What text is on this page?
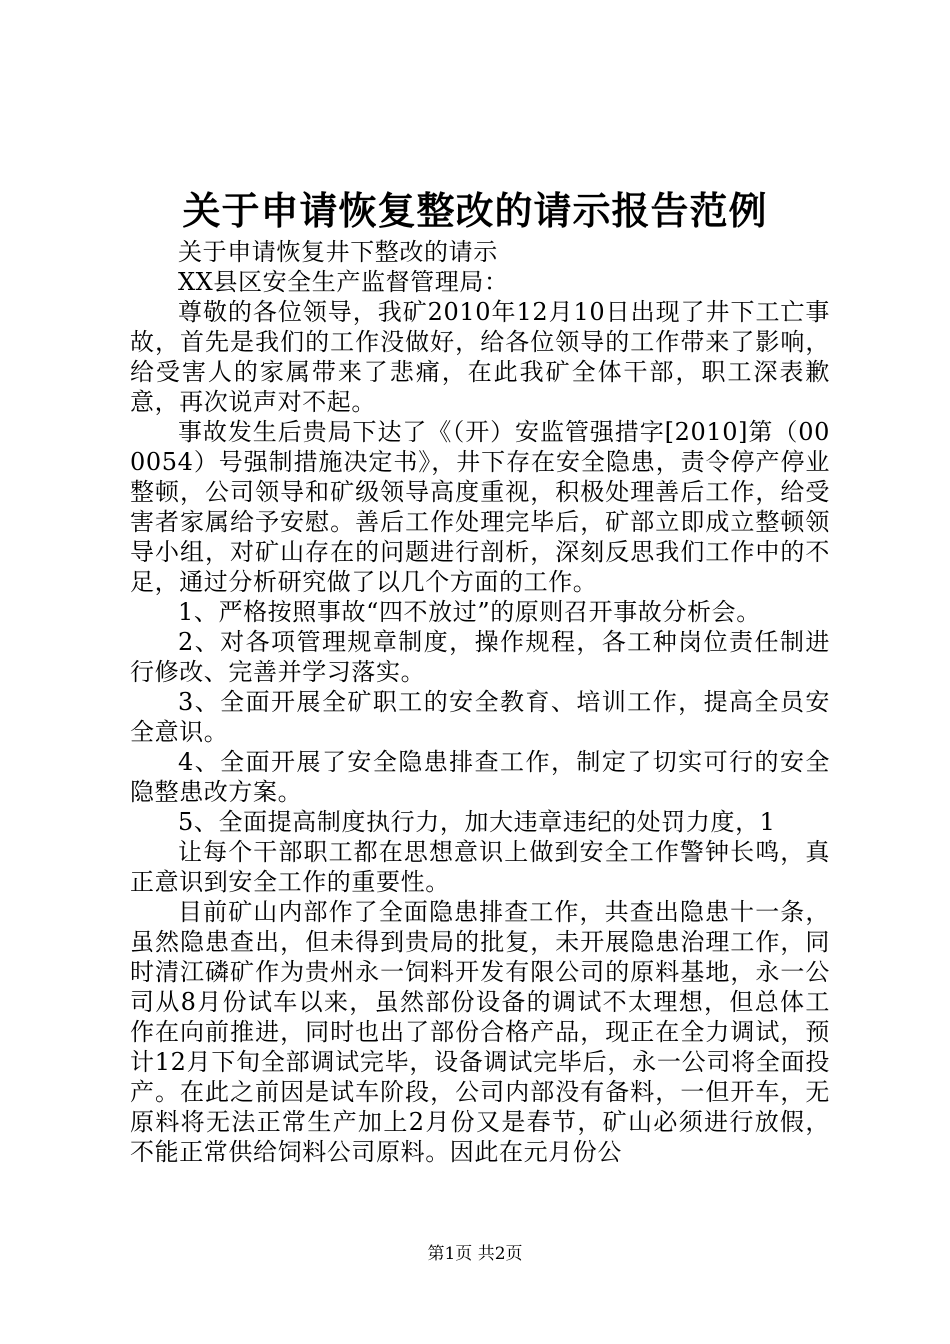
关于申请恢复整改的请示报告范例

关于申请恢复井下整改的请示

XX县区安全生产监督管理局：

尊敬的各位领导，我矿2010年12月10日出现了井下工亡事故，首先是我们的工作没做好，给各位领导的工作带来了影响，给受害人的家属带来了悲痛，在此我矿全体干部，职工深表歉意，再次说声对不起。

事故发生后贵局下达了《（开）安监管强措字[2010]第（000054）号强制措施决定书》，井下存在安全隐患，责令停产停业整顿，公司领导和矿级领导高度重视，积极处理善后工作，给受害者家属给予安慰。善后工作处理完毕后，矿部立即成立整顿领导小组，对矿山存在的问题进行剖析，深刻反思我们工作中的不足，通过分析研究做了以几个方面的工作。

1、严格按照事故“四不放过”的原则召开事故分析会。

2、对各项管理规章制度，操作规程，各工种岗位责任制进行修改、完善并学习落实。

3、全面开展全矿职工的安全教育、培训工作，提高全员安全意识。

4、全面开展了安全隐患排查工作，制定了切实可行的安全隐整患改方案。

5、全面提高制度执行力，加大违章违纪的处罚力度，1

让每个干部职工都在思想意识上做到安全工作警钟长鸣，真正意识到安全工作的重要性。

目前矿山内部作了全面隐患排查工作，共查出隐患十一条，虽然隐患查出，但未得到贵局的批复，未开展隐患治理工作，同时清江磷矿作为贵州永一饲料开发有限公司的原料基地，永一公司从8月份试车以来，虽然部份设备的调试不太理想，但总体工作在向前推进，同时也出了部份合格产品，现正在全力调试，预计12月下旬全部调试完毕，设备调试完毕后，永一公司将全面投产。在此之前因是试车阶段，公司内部没有备料，一但开车，无原料将无法正常生产加上2月份又是春节，矿山必须进行放假，不能正常供给饲料公司原料。因此在元月份公

第1页 共2页
